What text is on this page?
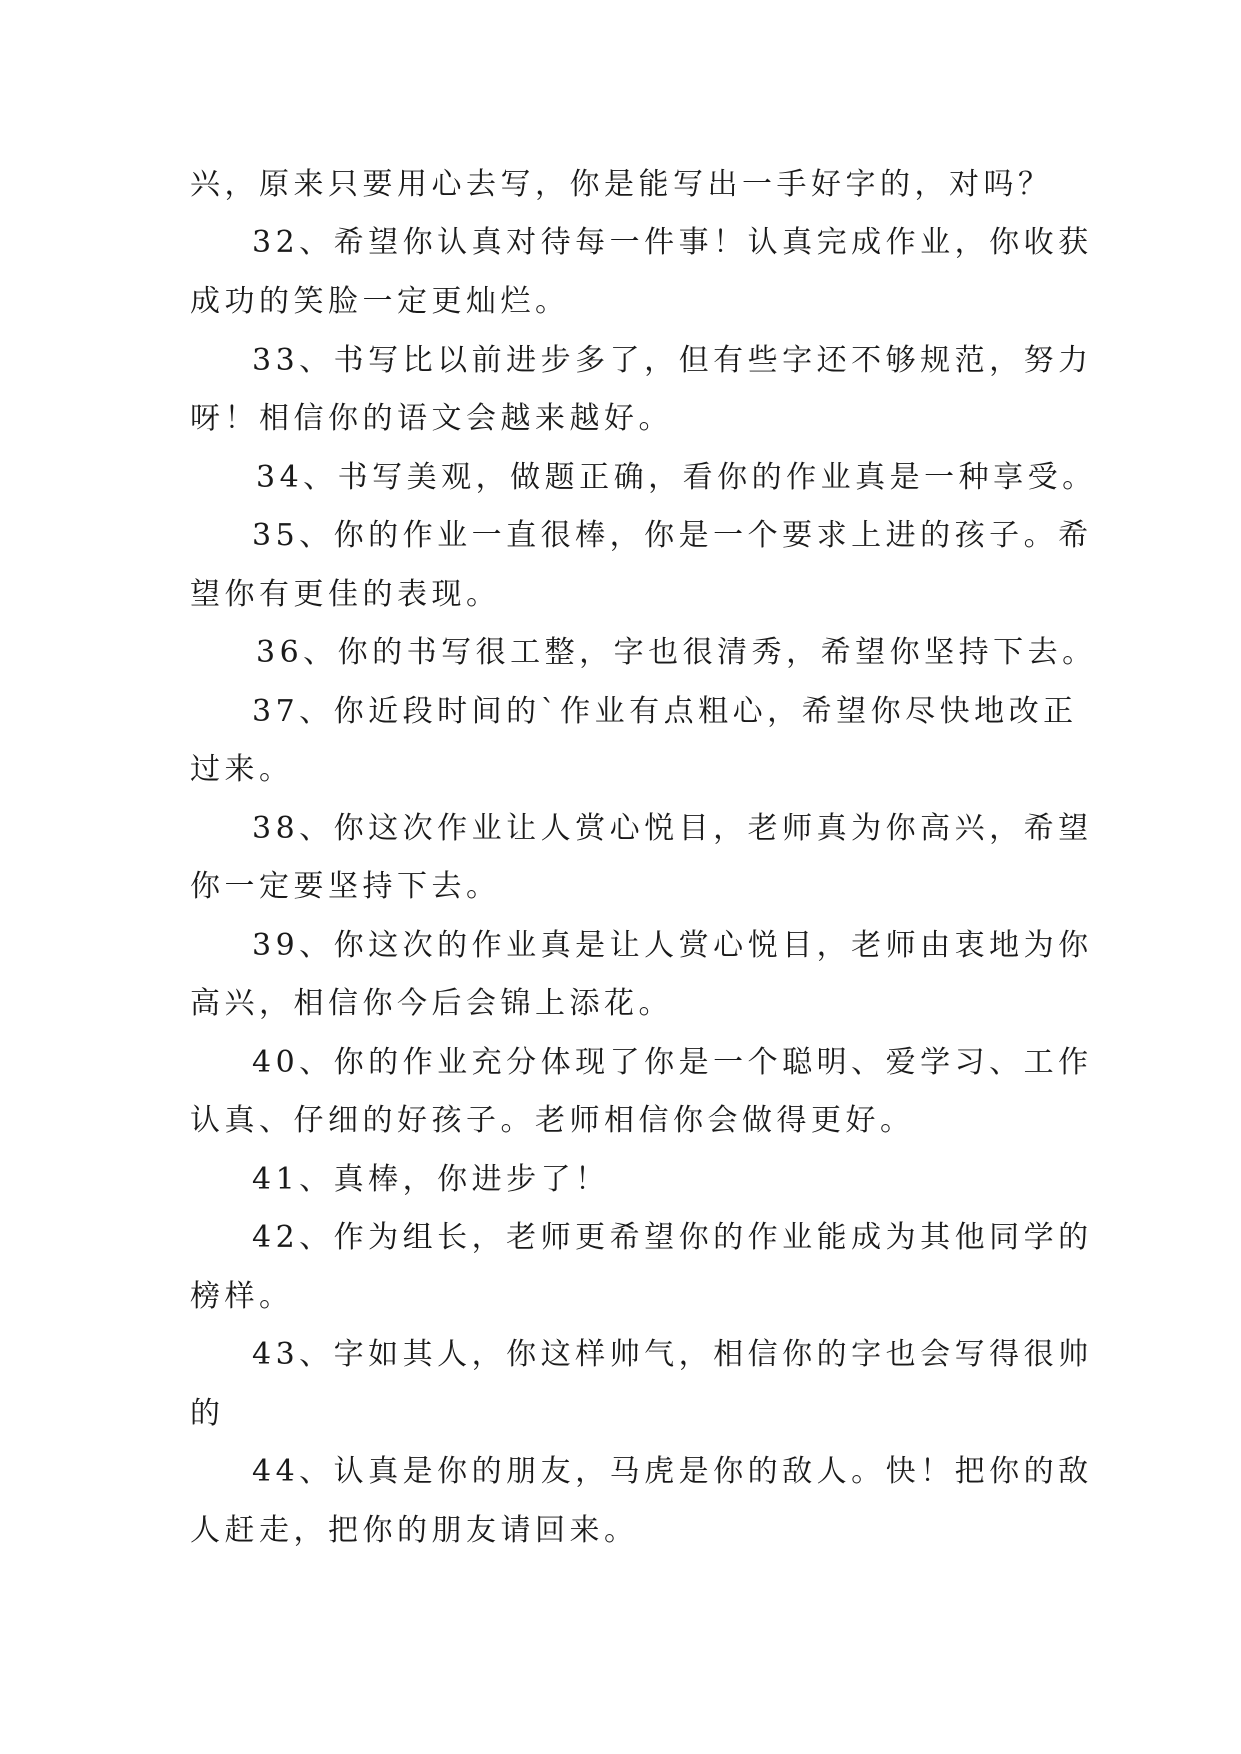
兴，原来只要用心去写，你是能写出一手好字的，对吗？
32、希望你认真对待每一件事！认真完成作业，你收获
成功的笑脸一定更灿烂。
33、书写比以前进步多了，但有些字还不够规范，努力
呀！相信你的语文会越来越好。
34、书写美观，做题正确，看你的作业真是一种享受。
35、你的作业一直很棒，你是一个要求上进的孩子。希
望你有更佳的表现。
36、你的书写很工整，字也很清秀，希望你坚持下去。
37、你近段时间的`作业有点粗心，希望你尽快地改正
过来。
38、你这次作业让人赏心悦目，老师真为你高兴，希望
你一定要坚持下去。
39、你这次的作业真是让人赏心悦目，老师由衷地为你
高兴，相信你今后会锦上添花。
40、你的作业充分体现了你是一个聪明、爱学习、工作
认真、仔细的好孩子。老师相信你会做得更好。
41、真棒，你进步了！
42、作为组长，老师更希望你的作业能成为其他同学的
榜样。
43、字如其人，你这样帅气，相信你的字也会写得很帅
的
44、认真是你的朋友，马虎是你的敌人。快！把你的敌
人赶走，把你的朋友请回来。
